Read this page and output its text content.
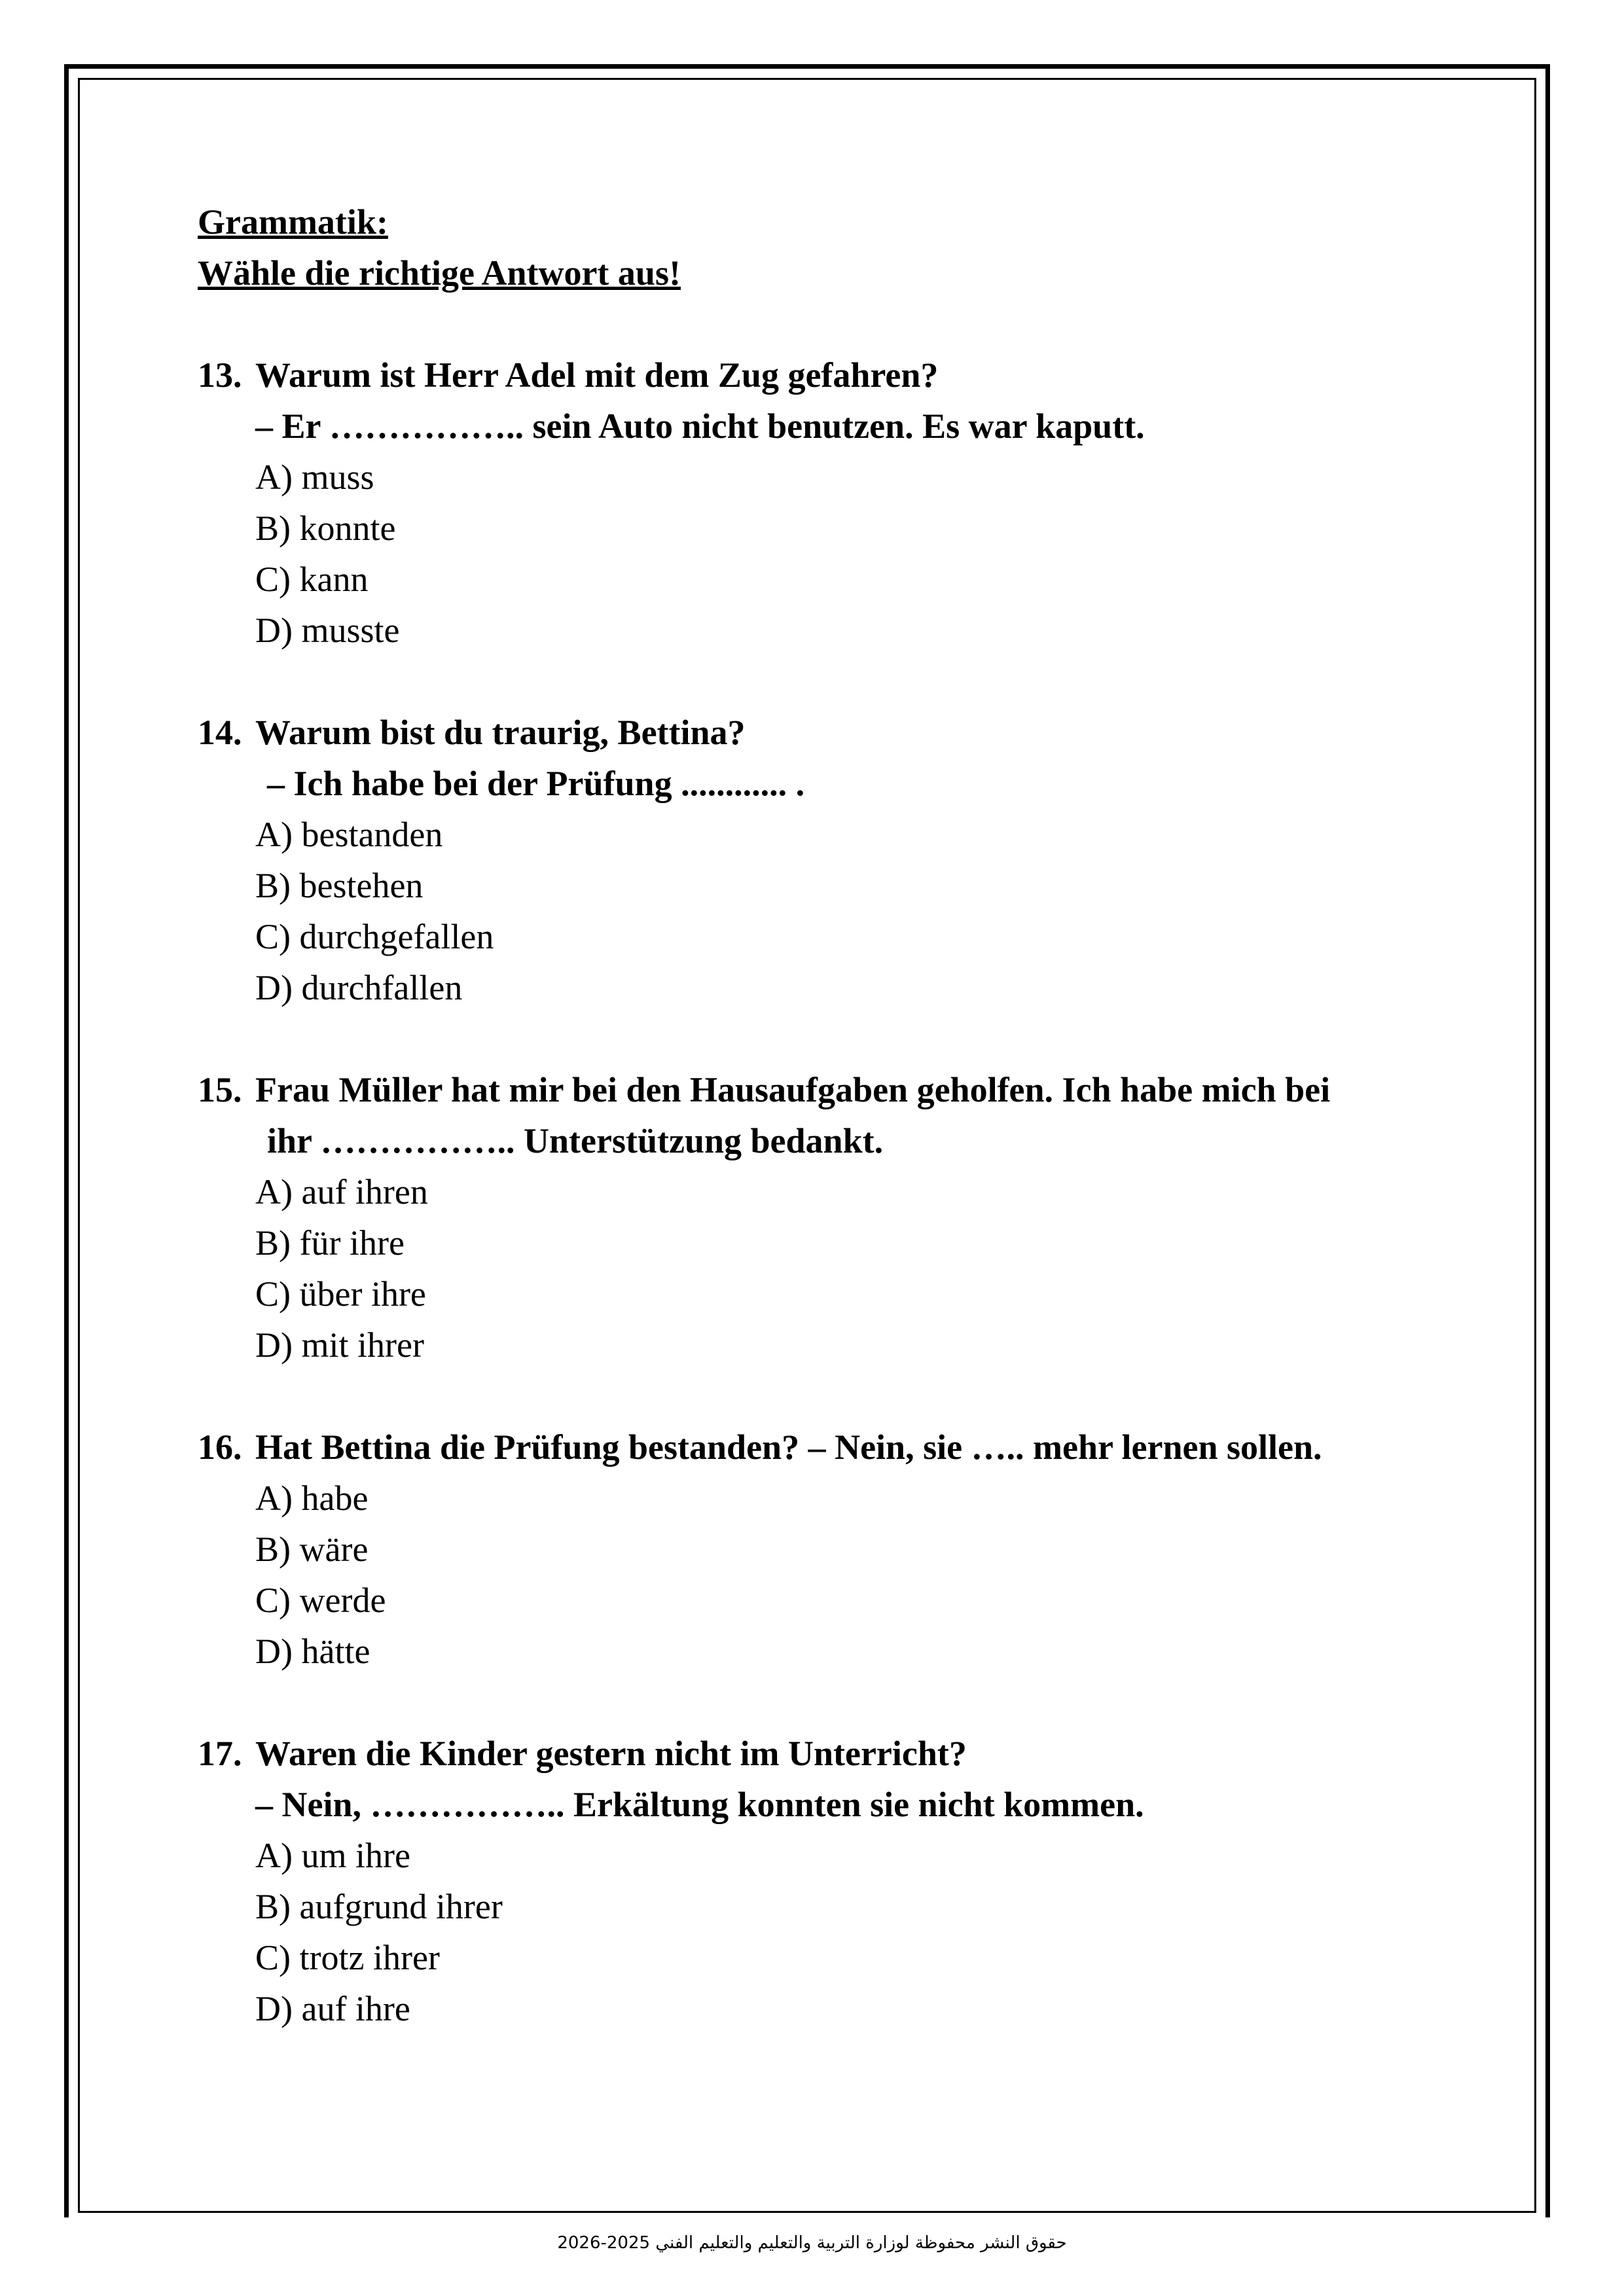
Grammatik:
Wähle die richtige Antwort aus!
13. Warum ist Herr Adel mit dem Zug gefahren?
– Er …………….. sein Auto nicht benutzen. Es war kaputt.
A) muss
B) konnte
C) kann
D) musste
14. Warum bist du traurig, Bettina?
– Ich habe bei der Prüfung ............ .
A) bestanden
B) bestehen
C) durchgefallen
D) durchfallen
15. Frau Müller hat mir bei den Hausaufgaben geholfen. Ich habe mich bei
ihr …………….. Unterstützung bedankt.
A) auf ihren
B) für ihre
C) über ihre
D) mit ihrer
16. Hat Bettina die Prüfung bestanden? – Nein, sie ….. mehr lernen sollen.
A) habe
B) wäre
C) werde
D) hätte
17. Waren die Kinder gestern nicht im Unterricht?
– Nein, …………….. Erkältung konnten sie nicht kommen.
A) um ihre
B) aufgrund ihrer
C) trotz ihrer
D) auf ihre
حقوق النشر محفوظة لوزارة التربية والتعليم والتعليم الفني 2025-2026
